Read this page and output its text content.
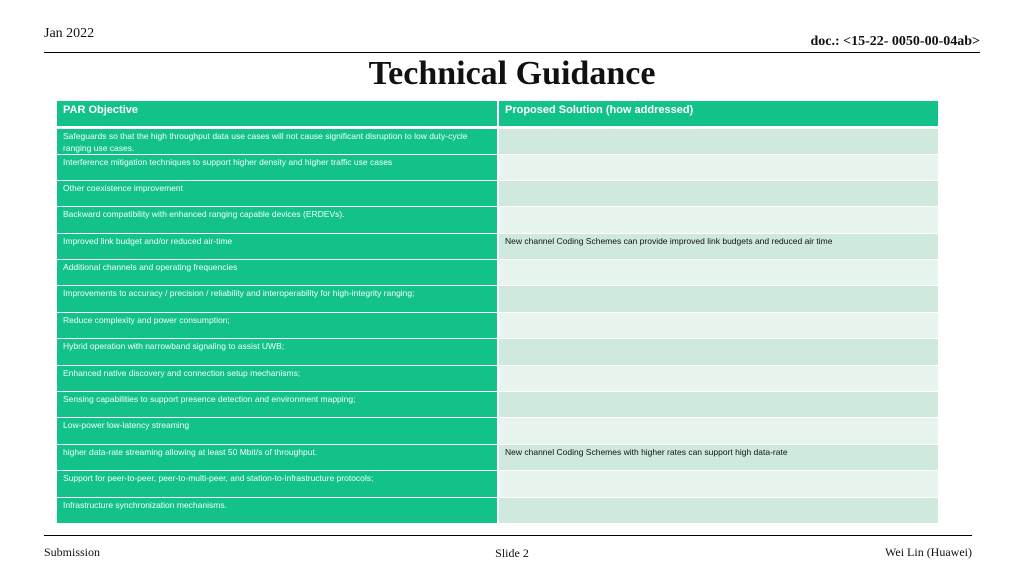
Jan 2022
doc.: <15-22- 0050-00-04ab>
Technical Guidance
PAR Objective	Proposed Solution (how addressed)
Safeguards so that the high throughput data use cases will not cause significant disruption to low duty-cycle ranging use cases.	

Interference mitigation techniques to support higher density and higher traffic use cases	

Other coexistence improvement	

Backward compatibility with enhanced ranging capable devices (ERDEVs).	

Improved link budget and/or reduced air-time	New channel Coding Schemes can provide improved link budgets and reduced air time

Additional channels and operating frequencies	

Improvements to accuracy / precision / reliability and interoperability for high-integrity ranging;	

Reduce complexity and power consumption;	

Hybrid operation with narrowband signaling to assist UWB;	

Enhanced native discovery and connection setup mechanisms;	

Sensing capabilities to support presence detection and environment mapping;	

Low-power low-latency streaming	

higher data-rate streaming allowing at least 50 Mbit/s of throughput.	New channel Coding Schemes with higher rates can support high data-rate

Support for peer-to-peer, peer-to-multi-peer, and station-to-infrastructure protocols;	

Infrastructure synchronization mechanisms.	
Submission	Slide 2	Wei Lin (Huawei)
